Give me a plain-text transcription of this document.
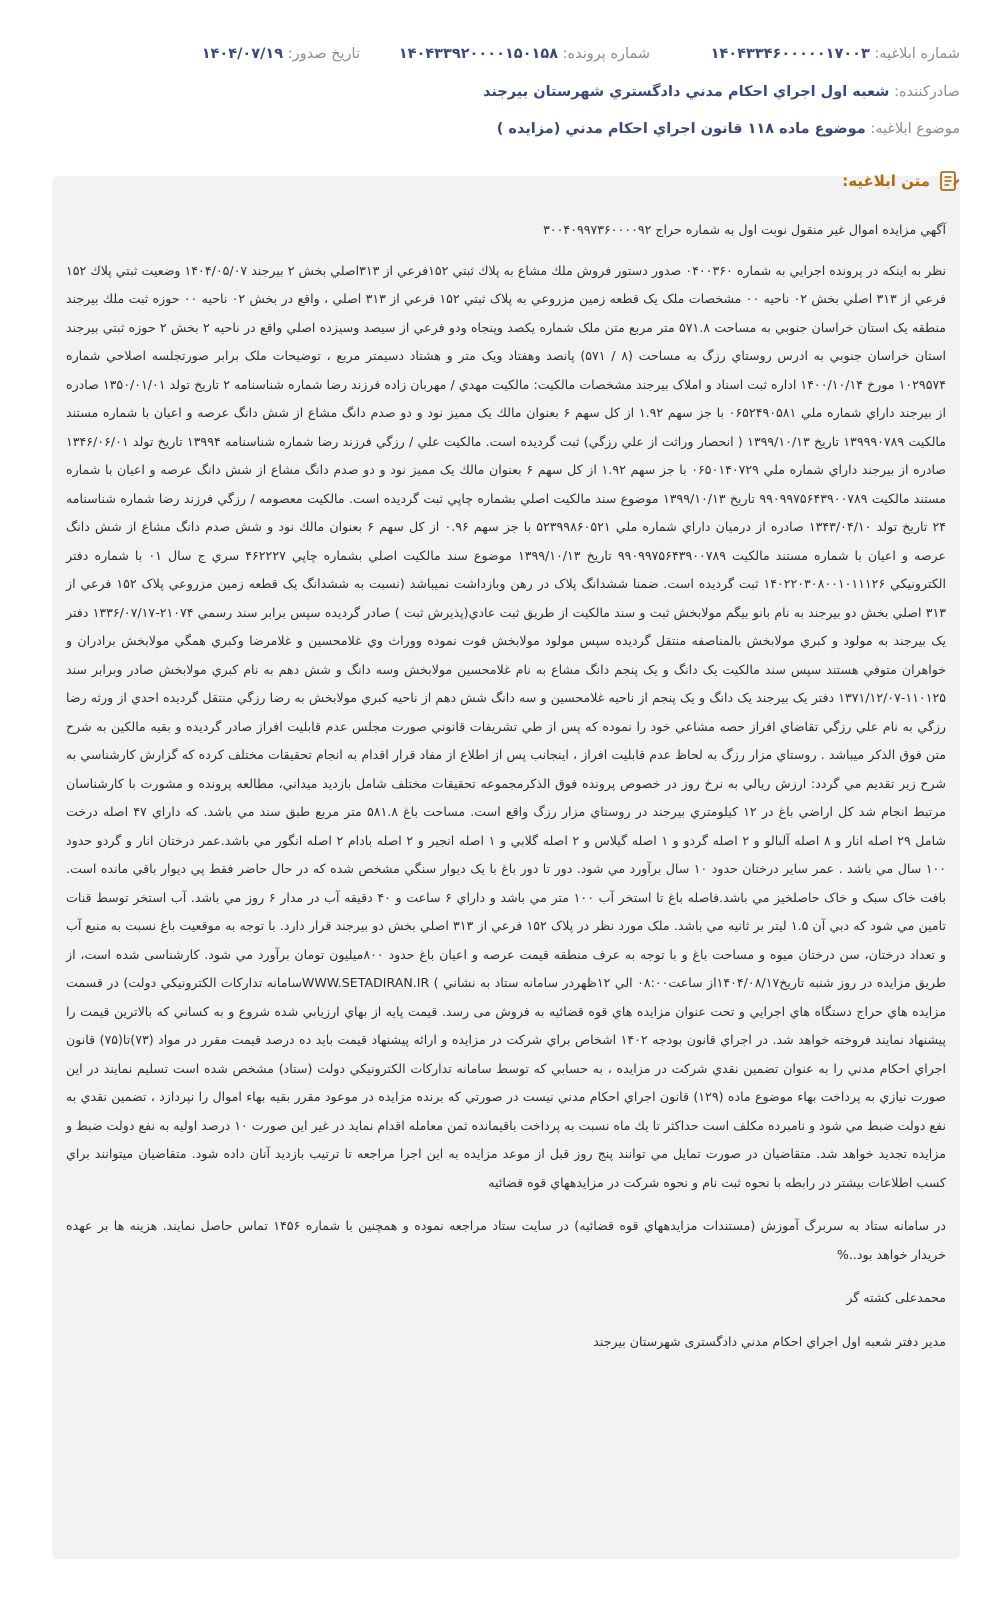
شماره ابلاغیه: ۱۴۰۴۳۳۴۶۰۰۰۰۰۱۷۰۰۳
شماره پرونده: ۱۴۰۴۳۳۹۲۰۰۰۰۱۵۰۱۵۸
تاریخ صدور: ۱۴۰۴/۰۷/۱۹
صادرکننده: شعبه اول اجراي احكام مدني دادگستري شهرستان بيرجند
موضوع ابلاغیه: موضوع ماده ۱۱۸ قانون اجراي احكام مدني (مزايده )

آگهي مزايده اموال غير منقول نوبت اول به شماره حراج ۳۰۰۴۰۹۹۷۳۶۰۰۰۰۹۲

نظر به اينكه در پرونده اجرايي به شماره ۰۴۰۰۳۶۰ صدور دستور فروش ملك مشاع به پلاك ثبتي ۱۵۲فرعي از ۳۱۳اصلي بخش ۲ بيرجند ۱۴۰۴/۰۵/۰۷ وضعيت ثبتي پلاك ۱۵۲ فرعي از ۳۱۳ اصلي بخش ۰۲ ناحيه ۰۰ مشخصات ملک يک قطعه زمين مزروعي به پلاک ثبتي ۱۵۲ فرعي از ۳۱۳ اصلي ، واقع در بخش ۰۲ ناحيه ۰۰ حوزه ثبت ملك بيرجند منطقه يک استان خراسان جنوبي به مساحت ۵۷۱.۸ متر مربع متن ملک شماره يکصد وپنجاه ودو فرعي از سيصد وسيزده اصلي واقع در ناحيه ۲ بخش ۲ حوزه ثبتي بيرجند استان خراسان جنوبي به ادرس روستاي رزگ به مساحت (۸ / ۵۷۱) پانصد وهفتاد ويک متر و هشتاد دسيمتر مربع ، توضيحات ملک برابر صورتجلسه اصلاحي شماره ۱۰۲۹۵۷۴ مورخ ۱۴۰۰/۱۰/۱۴ اداره ثبت اسناد و املاک بيرجند مشخصات مالكيت: مالكيت مهدي / مهربان زاده فرزند رضا شماره شناسنامه ۲ تاريخ تولد ۱۳۵۰/۰۱/۰۱ صادره از بيرجند داراي شماره ملي ۰۶۵۲۴۹۰۵۸۱ با جز سهم ۱.۹۲ از کل سهم ۶ بعنوان مالك يک مميز نود و دو صدم دانگ مشاع از شش دانگ عرصه و اعيان با شماره مستند مالكيت ۱۳۹۹۹۰۷۸۹ تاريخ ۱۳۹۹/۱۰/۱۳ ( انحصار وراثت از علي رزگي) ثبت گرديده است. مالكيت علي / رزگي فرزند رضا شماره شناسنامه ۱۳۹۹۴ تاريخ تولد ۱۳۴۶/۰۶/۰۱ صادره از بيرجند داراي شماره ملي ۰۶۵۰۱۴۰۷۲۹ با جز سهم ۱.۹۲ از کل سهم ۶ بعنوان مالك يک مميز نود و دو صدم دانگ مشاع از شش دانگ عرصه و اعيان با شماره مستند مالكيت ۹۹۰۹۹۷۵۶۴۳۹۰۰۷۸۹ تاريخ ۱۳۹۹/۱۰/۱۳ موضوع سند مالكيت اصلي بشماره چاپي ثبت گرديده است. مالكيت معصومه / رزگي فرزند رضا شماره شناسنامه ۲۴ تاريخ تولد ۱۳۴۳/۰۴/۱۰ صادره از درميان داراي شماره ملي ۵۲۳۹۹۸۶۰۵۲۱ با جز سهم ۰.۹۶ از کل سهم ۶ بعنوان مالك نود و شش صدم دانگ مشاع از شش دانگ عرصه و اعيان با شماره مستند مالكيت ۹۹۰۹۹۷۵۶۴۳۹۰۰۷۸۹ تاريخ ۱۳۹۹/۱۰/۱۳ موضوع سند مالكيت اصلي بشماره چاپي ۴۶۲۲۲۷ سري ج سال ۰۱ با شماره دفتر الكترونيكي ۱۴۰۲۲۰۳۰۸۰۰۱۰۱۱۱۲۶ ثبت گرديده است. ضمنا ششدانگ پلاک در رهن وبازداشت نميباشد (نسبت به ششدانگ يک قطعه زمين مزروعي پلاک ۱۵۲ فرعي از ۳۱۳ اصلي بخش دو بيرجند به نام بانو بيگم مولابخش ثبت و سند مالکيت از طريق ثبت عادي(پذيرش ثبت ) صادر گرديده سپس برابر سند رسمي ۲۱۰۷۴-۱۳۳۶/۰۷/۱۷ دفتر يک بيرجند به مولود و کبري مولابخش بالمناصفه منتقل گرديده سپس مولود مولابخش فوت نموده ووراث وي غلامحسين و غلامرضا وکبري همگي مولابخش برادران و خواهران متوفي هستند سپس سند مالکيت يک دانگ و يک پنجم دانگ مشاع به نام غلامحسين مولابخش وسه دانگ و شش دهم به نام کبري مولابخش صادر وبرابر سند ۱۱۰۱۲۵-۱۳۷۱/۱۲/۰۷ دفتر يک بيرجند يک دانگ و يک پنجم از ناحيه غلامحسين و سه دانگ شش دهم از ناحيه کبري مولابخش به رضا رزگي منتقل گرديده احدي از ورثه رضا رزگي به نام علي رزگي تقاضاي افراز حصه مشاعي خود را نموده كه پس از طي تشريفات قانوني صورت مجلس عدم قابليت افراز صادر گرديده و بقيه مالكين به شرح متن فوق الذكر ميباشد . روستاي مزار رزگ به لحاظ عدم قابليت افراز ، اينجانب پس از اطلاع از مفاد قرار اقدام به انجام تحقيقات مختلف کرده که گزارش کارشناسي به شرح زير تقديم مي گردد: ارزش ريالي به نرخ روز در خصوص پرونده فوق الذکرمجموعه تحقيقات مختلف شامل بازديد ميداني، مطالعه پرونده و مشورت با کارشناسان مرتبط انجام شد کل اراضي باغ در ۱۲ کيلومتري بيرجند در روستاي مزار رزگ واقع است. مساحت باغ ۵۸۱.۸ متر مربع طبق سند مي باشد. که داراي ۴۷ اصله درخت شامل ۲۹ اصله انار و ۸ اصله آلبالو و ۲ اصله گردو و ۱ اصله گيلاس و ۲ اصله گلابي و ۱ اصله انجير و ۲ اصله بادام ۲ اصله انگور مي باشد.عمر درختان انار و گردو حدود ۱۰۰ سال مي باشد . عمر ساير درختان حدود ۱۰ سال برآورد مي شود. دور تا دور باغ با يک ديوار سنگي مشخص شده که در حال حاضر فقط پي ديوار باقي مانده است. بافت خاک سبک و خاک حاصلخيز مي باشد.فاصله باغ تا استخر آب ۱۰۰ متر مي باشد و داراي ۶ ساعت و ۴۰ دقيقه آب در مدار ۶ روز مي باشد. آب استخر توسط قنات تامين مي شود که دبي آن ۱.۵ ليتر بر ثانيه مي باشد. ملک مورد نظر در پلاک ۱۵۲ فرعي از ۳۱۳ اصلي بخش دو بيرجند قرار دارد. با توجه به موقعيت باغ نسبت به منبع آب و تعداد درختان، سن درختان ميوه و مساحت باغ و با توجه به عرف منطقه قيمت عرصه و اعيان باغ حدود ۸۰۰ميليون تومان برآورد مي شود. کارشناسی شده است، از طريق مزايده در روز شنبه تاريخ۱۴۰۴/۰۸/۱۷از ساعت۰۸:۰۰ الي ۱۲ظهردر سامانه ستاد به نشاني ) WWW.SETADIRAN.IRسامانه تداركات الكترونيكي دولت) در قسمت مزايده هاي حراج دستگاه هاي اجرايي و تحت عنوان مزايده هاي قوه قضائيه به فروش مى رسد. قيمت پايه از بهاي ارزيابي شده شروع و به كساني كه بالاترين قيمت را پيشنهاد نمايند فروخته خواهد شد. در اجراي قانون بودجه ۱۴۰۲ اشخاص براي شركت در مزايده و ارائه پيشنهاد قيمت بايد ده درصد قيمت مقرر در مواد (۷۳)تا(۷۵) قانون اجراي احكام مدني را به عنوان تضمين نقدي شركت در مزايده ، به حسابي كه توسط سامانه تداركات الكترونيكي دولت (ستاد) مشخص شده است تسليم نمايند در اين صورت نيازي به پرداخت بهاء موضوع ماده (۱۲۹) قانون اجراي احكام مدني نيست در صورتي كه برنده مزايده در موعود مقرر بقيه بهاء اموال را نپردازد ، تضمين نقدي به نفع دولت ضبط مي شود و نامبرده مكلف است حداكثر تا يك ماه نسبت به پرداخت باقيمانده ثمن معامله اقدام نمايد در غير اين صورت ۱۰ درصد اوليه به نفع دولت ضبط و مزايده تجديد خواهد شد. متقاضيان در صورت تمايل مي توانند پنج روز قبل از موعد مزايده به اين اجرا مراجعه تا ترتيب بازديد آنان داده شود. متقاضيان ميتوانند براي كسب اطلاعات بيشتر در رابطه با نحوه ثبت نام و نحوه شركت در مزايدههاي قوه قضائيه

در سامانه ستاد به سربرگ آموزش (مستندات مزايدههاي قوه قضائيه) در سايت ستاد مراجعه نموده و همچنين با شماره ۱۴۵۶ تماس حاصل نمايند. هزينه ها بر عهده خريدار خواهد بود..%

محمدعلی کشته گر

مدير دفتر شعبه اول اجراي احكام مدني دادگستری شهرستان بيرجند

متن ابلاغیه:
